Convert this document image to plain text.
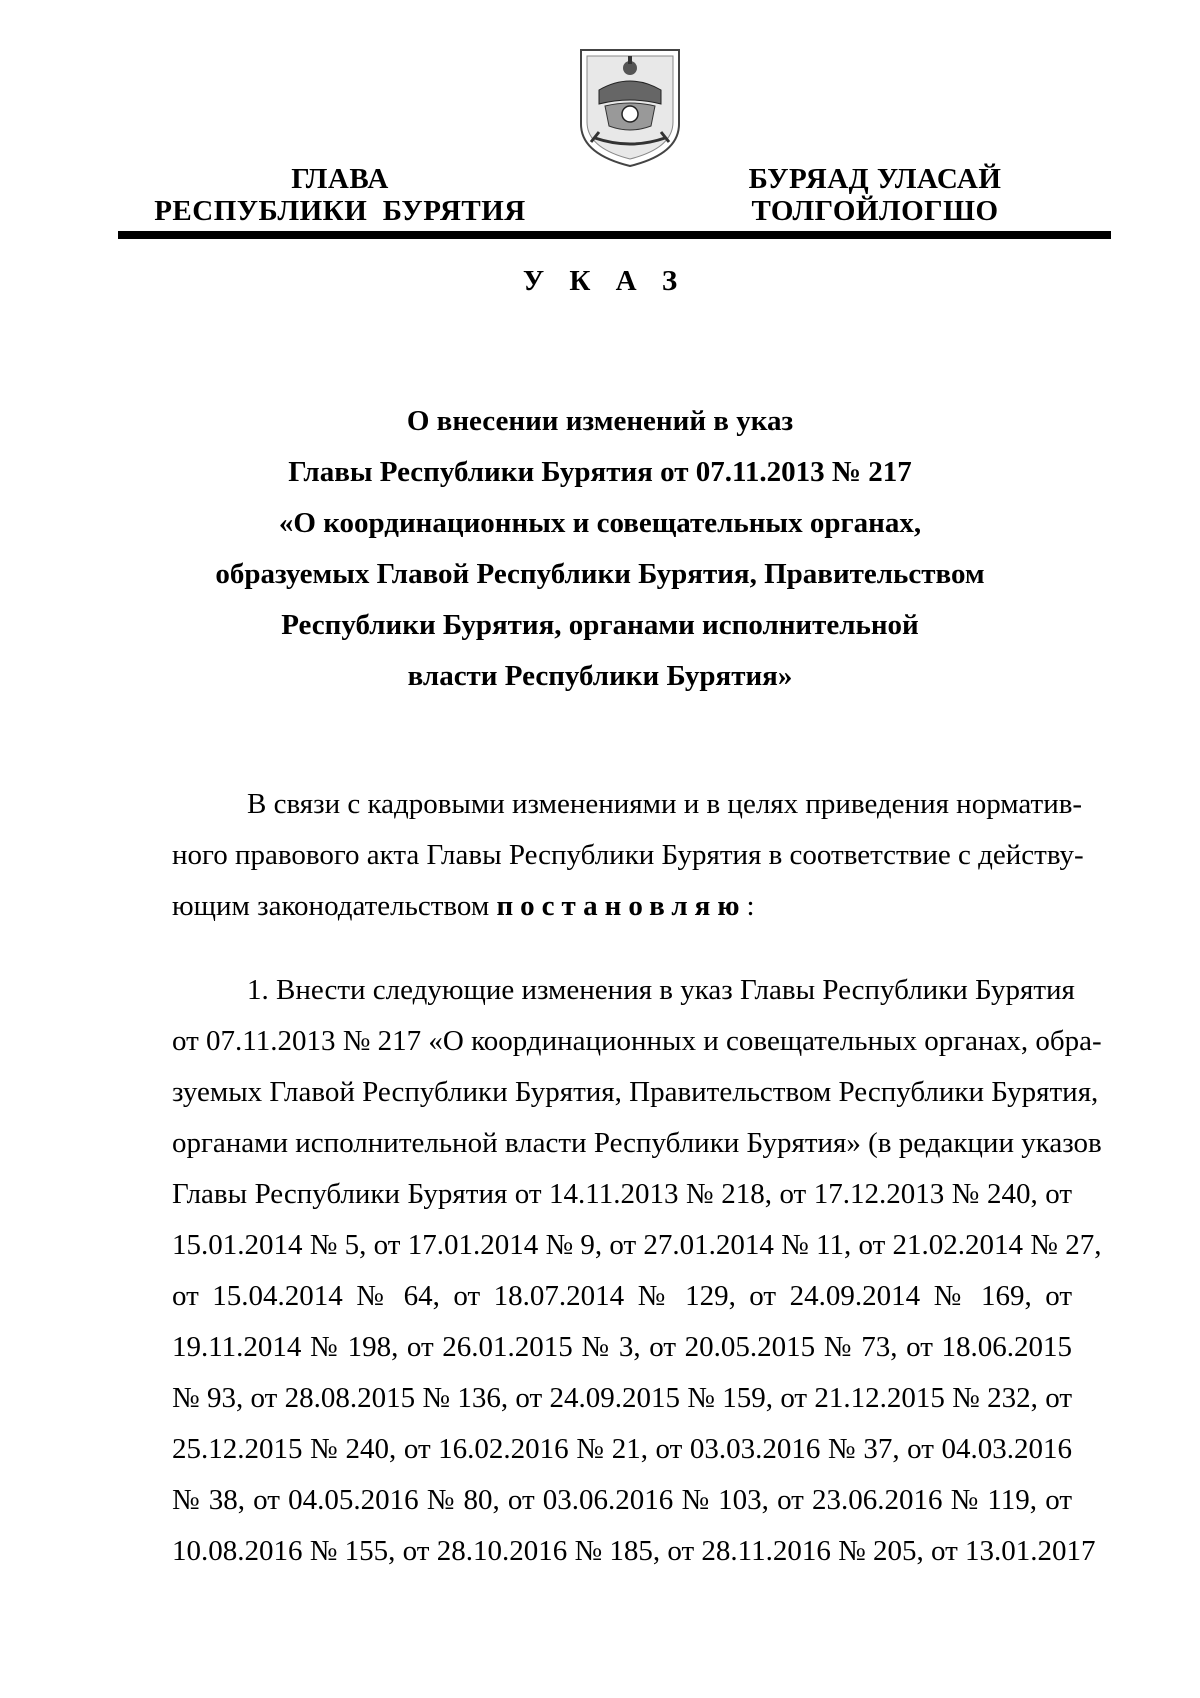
ГЛАВА
РЕСПУБЛИКИ  БУРЯТИЯ
БУРЯАД УЛАСАЙ
ТОЛГОЙЛОГШО
У К А З
О внесении изменений в указ
Главы Республики Бурятия от 07.11.2013 № 217
«О координационных и совещательных органах,
образуемых Главой Республики Бурятия, Правительством
Республики Бурятия, органами исполнительной
власти Республики Бурятия»
В связи с кадровыми изменениями и в целях приведения норматив-
ного правового акта Главы Республики Бурятия в соответствие с действу-
ющим законодательством постановляю:
1. Внести следующие изменения в указ Главы Республики Бурятия
от 07.11.2013 № 217 «О координационных и совещательных органах, обра-
зуемых Главой Республики Бурятия, Правительством Республики Бурятия,
органами исполнительной власти Республики Бурятия» (в редакции указов
Главы Республики Бурятия от 14.11.2013 № 218, от 17.12.2013 № 240, от
15.01.2014 № 5, от 17.01.2014 № 9, от 27.01.2014 № 11, от 21.02.2014 № 27,
от 15.04.2014 № 64, от 18.07.2014 № 129, от 24.09.2014 № 169, от
19.11.2014 № 198, от 26.01.2015 № 3, от 20.05.2015 № 73, от 18.06.2015
№ 93, от 28.08.2015 № 136, от 24.09.2015 № 159, от 21.12.2015 № 232, от
25.12.2015 № 240, от 16.02.2016 № 21, от 03.03.2016 № 37, от 04.03.2016
№ 38, от 04.05.2016 № 80, от 03.06.2016 № 103, от 23.06.2016 № 119, от
10.08.2016 № 155, от 28.10.2016 № 185, от 28.11.2016 № 205, от 13.01.2017
